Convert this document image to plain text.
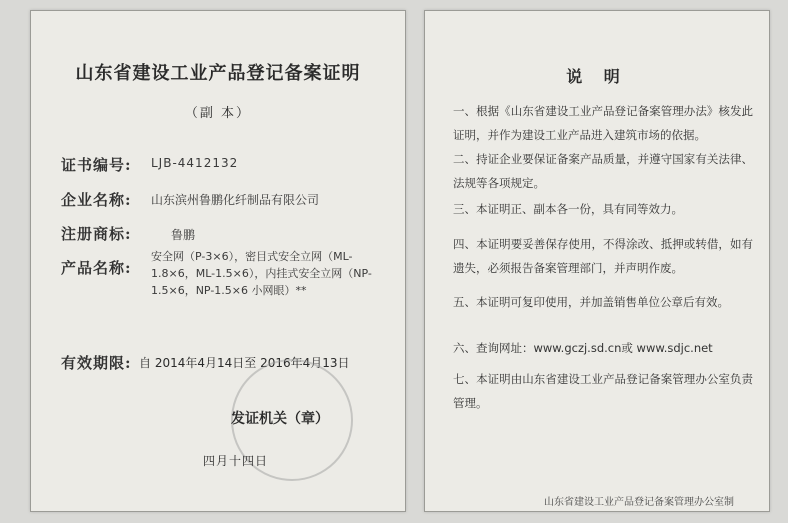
山东省建设工业产品登记备案证明
（副 本）
证书编号: LJB-4412132
企业名称: 山东滨州鲁鹏化纤制品有限公司
注册商标:	鲁鹏
产品名称:
安全网（P-3×6），密目式安全立网（ML-1.8×6，ML-1.5×6），内挂式安全立网（NP-1.5×6，NP-1.5×6 小网眼）**
有效期限: 自 2014年4月14日至 2016年4月13日
发证机关（章）
四月十四日
说 明
一、根据《山东省建设工业产品登记备案管理办法》核发此证明，并作为建设工业产品进入建筑市场的依据。
二、持证企业要保证备案产品质量，并遵守国家有关法律、法规等各项规定。
三、本证明正、副本各一份，具有同等效力。
四、本证明要妥善保存使用，不得涂改、抵押或转借，如有遗失，必须报告备案管理部门，并声明作废。
五、本证明可复印使用，并加盖销售单位公章后有效。
六、查询网址：www.gczj.sd.cn或 www.sdjc.net
七、本证明由山东省建设工业产品登记备案管理办公室负责管理。
山东省建设工业产品登记备案管理办公室制
